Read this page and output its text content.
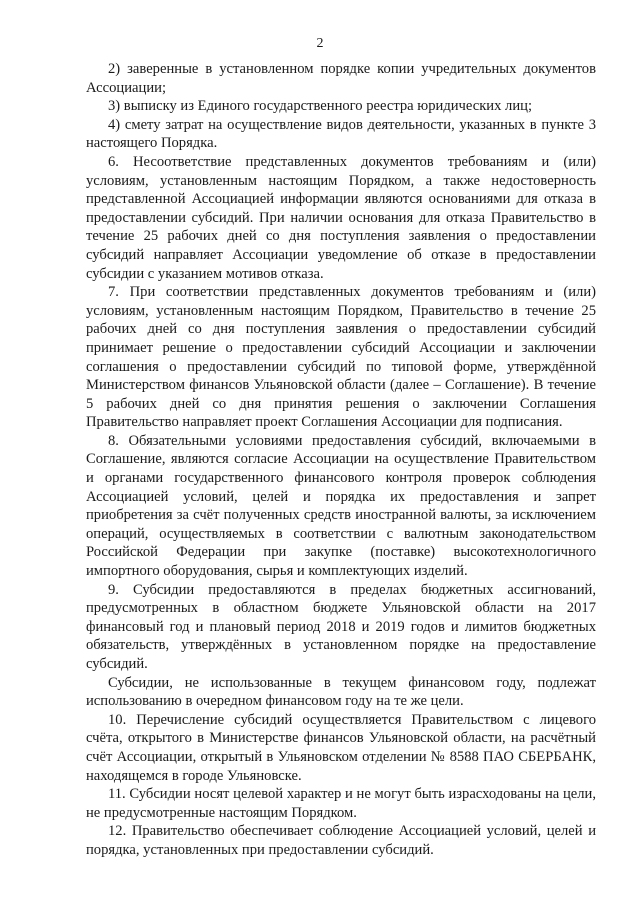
2

2) заверенные в установленном порядке копии учредительных документов Ассоциации;

3) выписку из Единого государственного реестра юридических лиц;

4) смету затрат на осуществление видов деятельности, указанных в пункте 3 настоящего Порядка.

6. Несоответствие представленных документов требованиям и (или) условиям, установленным настоящим Порядком, а также недостоверность представленной Ассоциацией информации являются основаниями для отказа в предоставлении субсидий. При наличии основания для отказа Правительство в течение 25 рабочих дней со дня поступления заявления о предоставлении субсидий направляет Ассоциации уведомление об отказе в предоставлении субсидии с указанием мотивов отказа.

7. При соответствии представленных документов требованиям и (или) условиям, установленным настоящим Порядком, Правительство в течение 25 рабочих дней со дня поступления заявления о предоставлении субсидий принимает решение о предоставлении субсидий Ассоциации и заключении соглашения о предоставлении субсидий по типовой форме, утверждённой Министерством финансов Ульяновской области (далее – Соглашение). В течение 5 рабочих дней со дня принятия решения о заключении Соглашения Правительство направляет проект Соглашения Ассоциации для подписания.

8. Обязательными условиями предоставления субсидий, включаемыми в Соглашение, являются согласие Ассоциации на осуществление Правительством и органами государственного финансового контроля проверок соблюдения Ассоциацией условий, целей и порядка их предоставления и запрет приобретения за счёт полученных средств иностранной валюты, за исключением операций, осуществляемых в соответствии с валютным законодательством Российской Федерации при закупке (поставке) высокотехнологичного импортного оборудования, сырья и комплектующих изделий.

9. Субсидии предоставляются в пределах бюджетных ассигнований, предусмотренных в областном бюджете Ульяновской области на 2017 финансовый год и плановый период 2018 и 2019 годов и лимитов бюджетных обязательств, утверждённых в установленном порядке на предоставление субсидий.

Субсидии, не использованные в текущем финансовом году, подлежат использованию в очередном финансовом году на те же цели.

10. Перечисление субсидий осуществляется Правительством с лицевого счёта, открытого в Министерстве финансов Ульяновской области, на расчётный счёт Ассоциации, открытый в Ульяновском отделении № 8588 ПАО СБЕРБАНК, находящемся в городе Ульяновске.

11. Субсидии носят целевой характер и не могут быть израсходованы на цели, не предусмотренные настоящим Порядком.

12. Правительство обеспечивает соблюдение Ассоциацией условий, целей и порядка, установленных при предоставлении субсидий.
